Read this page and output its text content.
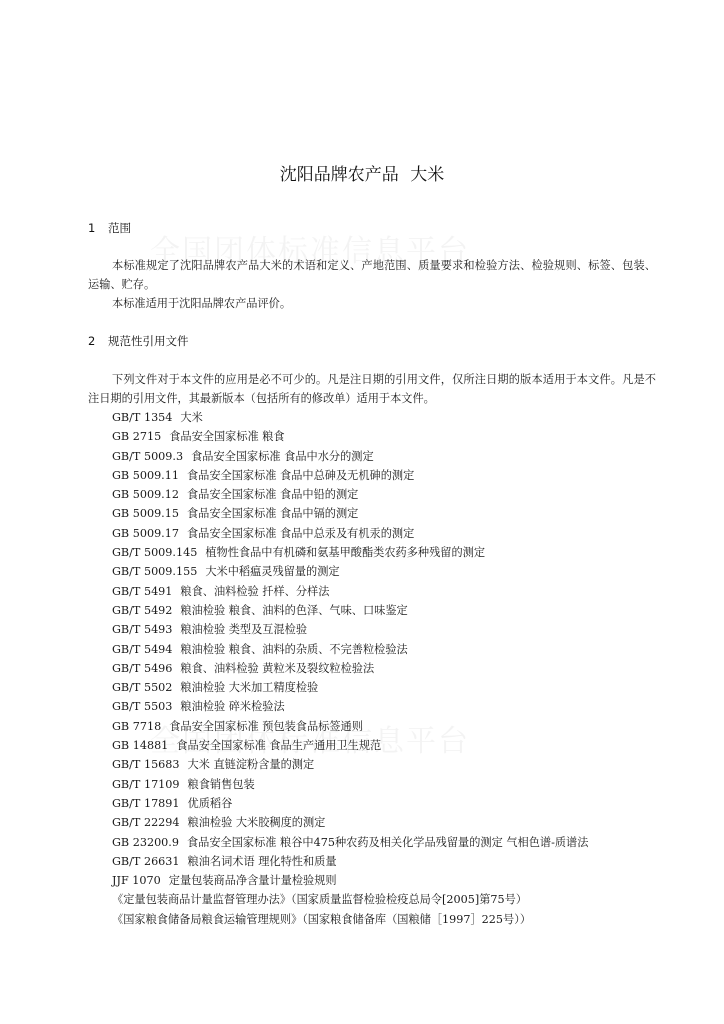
沈阳品牌农产品 大米
1 范围
本标准规定了沈阳品牌农产品大米的术语和定义、产地范围、质量要求和检验方法、检验规则、标签、包装、运输、贮存。
本标准适用于沈阳品牌农产品评价。
2 规范性引用文件
下列文件对于本文件的应用是必不可少的。凡是注日期的引用文件，仅所注日期的版本适用于本文件。凡是不注日期的引用文件，其最新版本（包括所有的修改单）适用于本文件。
GB/T 1354 大米
GB 2715 食品安全国家标准 粮食
GB/T 5009.3 食品安全国家标准 食品中水分的测定
GB 5009.11 食品安全国家标准 食品中总砷及无机砷的测定
GB 5009.12 食品安全国家标准 食品中铅的测定
GB 5009.15 食品安全国家标准 食品中镉的测定
GB 5009.17 食品安全国家标准 食品中总汞及有机汞的测定
GB/T 5009.145 植物性食品中有机磷和氨基甲酸酯类农药多种残留的测定
GB/T 5009.155 大米中稻瘟灵残留量的测定
GB/T 5491 粮食、油料检验 扦样、分样法
GB/T 5492 粮油检验 粮食、油料的色泽、气味、口味鉴定
GB/T 5493 粮油检验 类型及互混检验
GB/T 5494 粮油检验 粮食、油料的杂质、不完善粒检验法
GB/T 5496 粮食、油料检验 黄粒米及裂纹粒检验法
GB/T 5502 粮油检验 大米加工精度检验
GB/T 5503 粮油检验 碎米检验法
GB 7718 食品安全国家标准 预包装食品标签通则
GB 14881 食品安全国家标准 食品生产通用卫生规范
GB/T 15683 大米 直链淀粉含量的测定
GB/T 17109 粮食销售包装
GB/T 17891 优质稻谷
GB/T 22294 粮油检验 大米胶稠度的测定
GB 23200.9 食品安全国家标准 粮谷中475种农药及相关化学品残留量的测定 气相色谱-质谱法
GB/T 26631 粮油名词术语 理化特性和质量
JJF 1070 定量包装商品净含量计量检验规则
《定量包装商品计量监督管理办法》（国家质量监督检验检疫总局令[2005]第75号）
《国家粮食储备局粮食运输管理规则》（国家粮食储备库（国粮储［1997］225号））
